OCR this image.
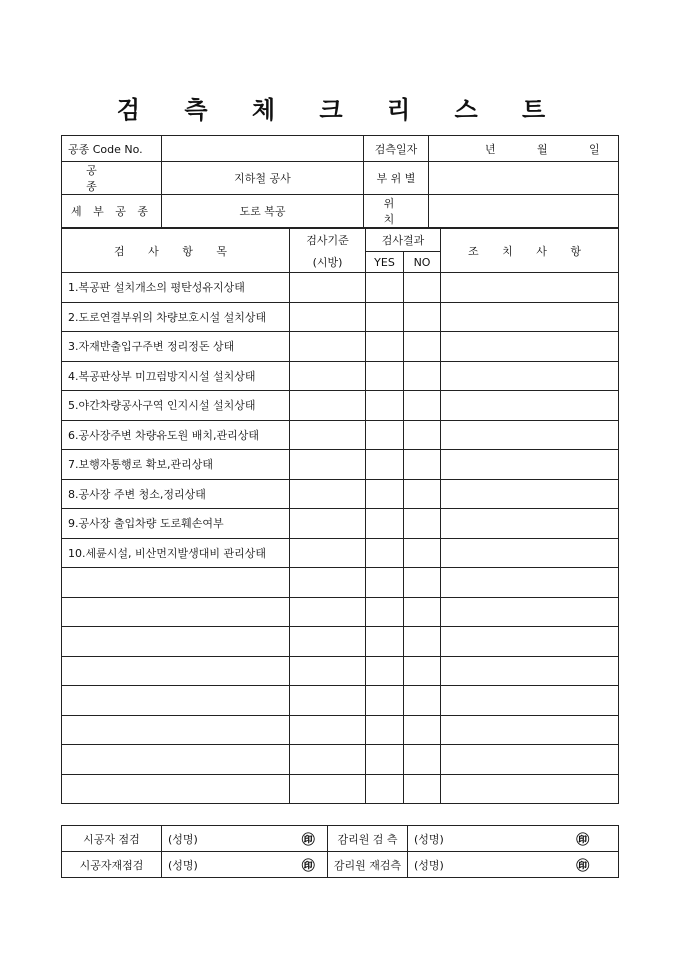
검 측 체 크 리 스 트
공종 Code No.		검측일자	년 월 일

공 종	지하철 공사	부 위 별	
세 부 공 종	도로 복공	위 치	
검 사 항 목	검사기준	검사결과		조 치 사 항
	(시방)	YES	NO	
1.복공판 설치개소의 평탄성유지상태				
2.도로연결부위의 차량보호시설 설치상태				
3.자재반출입구주변 정리정돈 상태				
4.복공판상부 미끄럼방지시설 설치상태				
5.야간차량공사구역 인지시설 설치상태				
6.공사장주변 차량유도원 배치,관리상태				
7.보행자통행로 확보,관리상태				
8.공사장 주변 청소,정리상태				
9.공사장 출입차량 도로훼손여부				
10.세륜시설, 비산먼지발생대비 관리상태				

시공자 점검	(성명)	㊞	감리원 검 측	(성명)	㊞
시공자재점검	(성명)	㊞	감리원 재검측	(성명)	㊞
